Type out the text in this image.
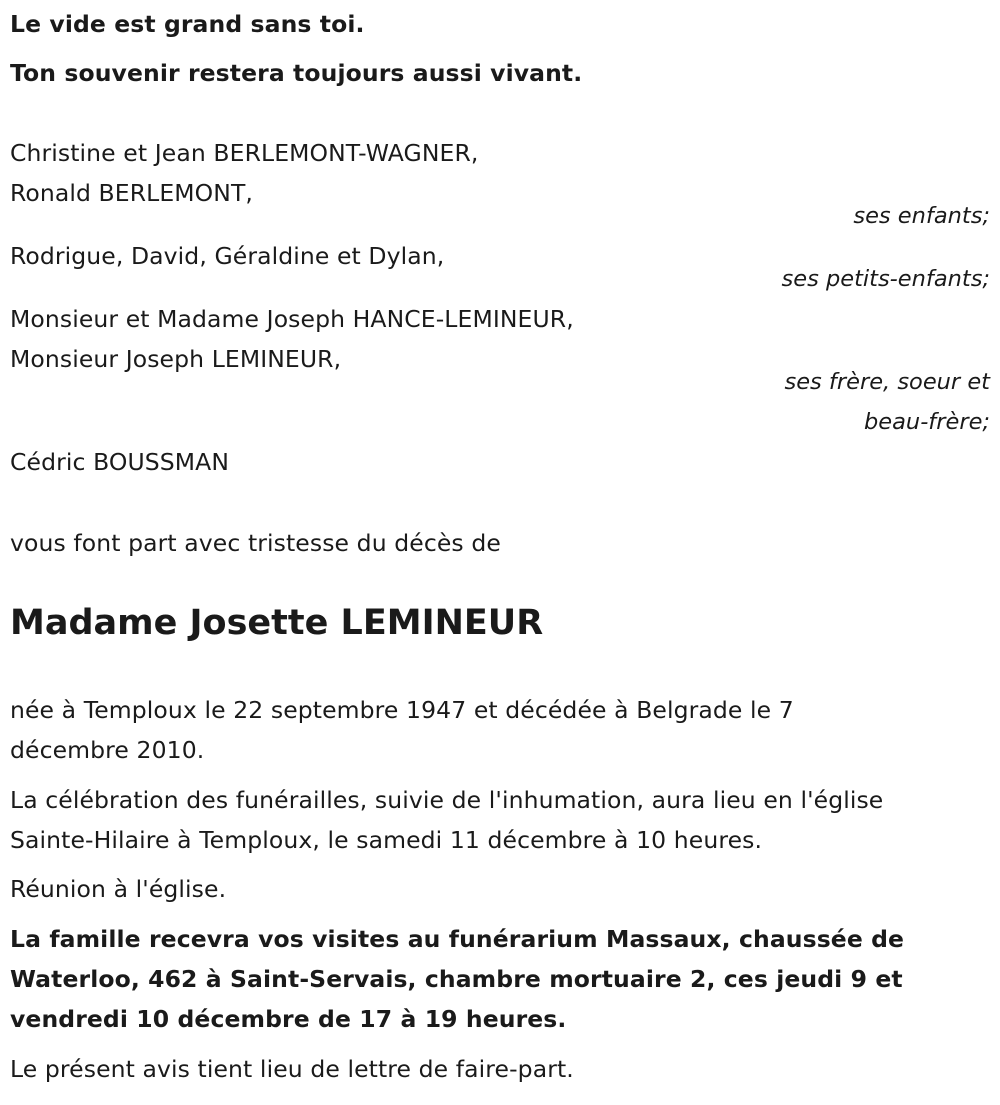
Le vide est grand sans toi.

Ton souvenir restera toujours aussi vivant.

Christine et Jean BERLEMONT-WAGNER,

Ronald BERLEMONT,

ses enfants;

Rodrigue, David, Géraldine et Dylan,

ses petits-enfants;

Monsieur et Madame Joseph HANCE-LEMINEUR,

Monsieur Joseph LEMINEUR,

ses frère, soeur et

beau-frère;

Cédric BOUSSMAN

vous font part avec tristesse du décès de

Madame Josette LEMINEUR

née à Temploux le 22 septembre 1947 et décédée à Belgrade le 7

décembre 2010.

La célébration des funérailles, suivie de l'inhumation, aura lieu en l'église

Sainte-Hilaire à Temploux, le samedi 11 décembre à 10 heures.

Réunion à l'église.

La famille recevra vos visites au funérarium Massaux, chaussée de

Waterloo, 462 à Saint-Servais, chambre mortuaire 2, ces jeudi 9 et

vendredi 10 décembre de 17 à 19 heures.

Le présent avis tient lieu de lettre de faire-part.
